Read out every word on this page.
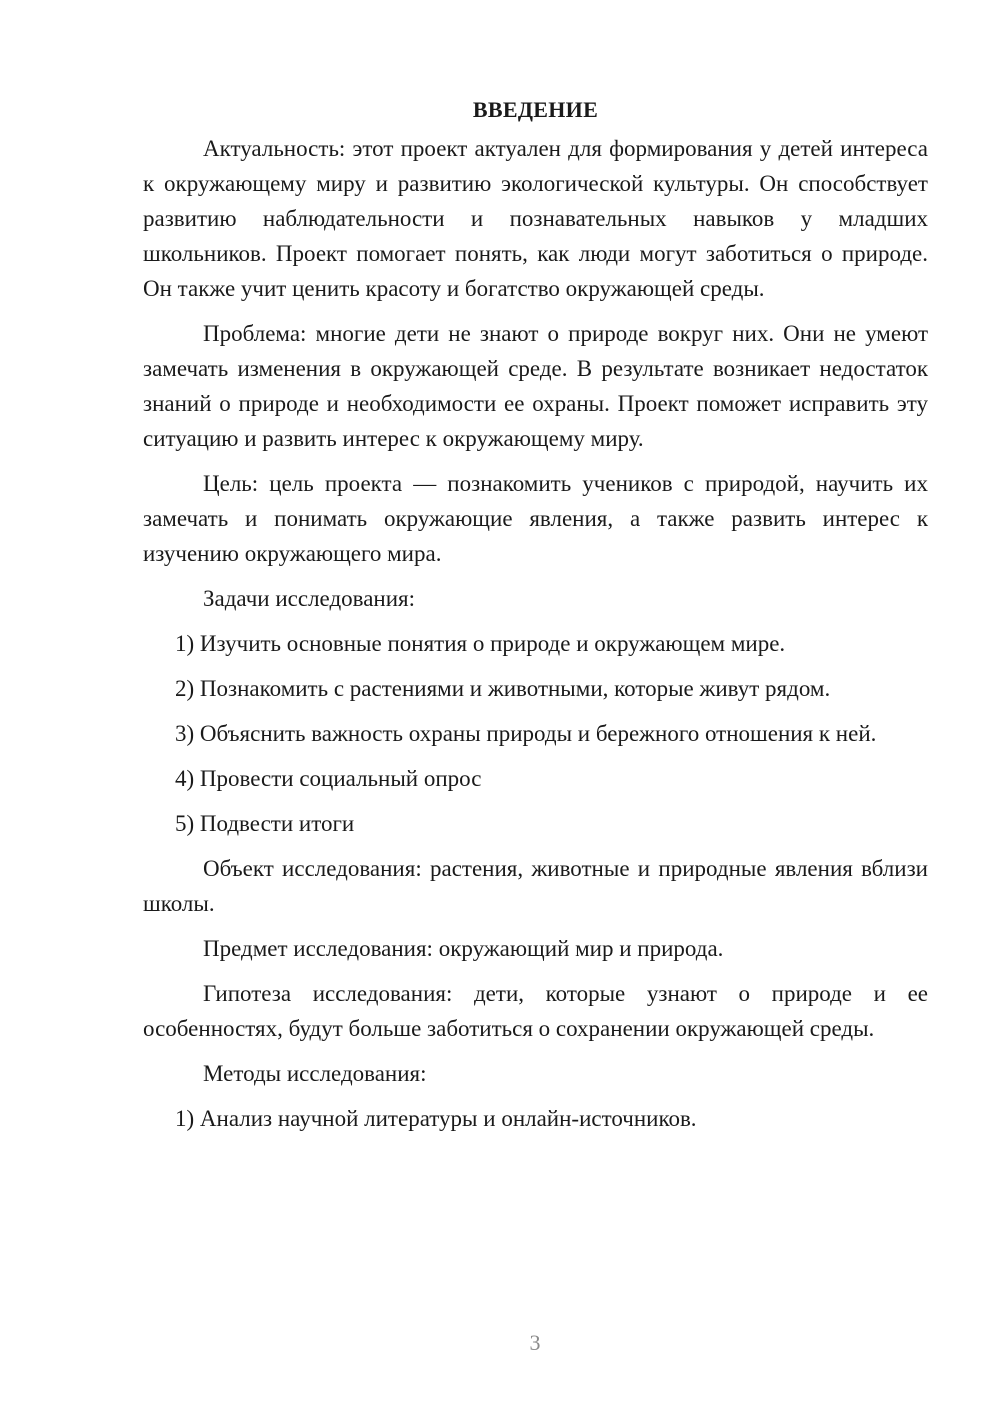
ВВЕДЕНИЕ

Актуальность: этот проект актуален для формирования у детей интереса к окружающему миру и развитию экологической культуры. Он способствует развитию наблюдательности и познавательных навыков у младших школьников. Проект помогает понять, как люди могут заботиться о природе. Он также учит ценить красоту и богатство окружающей среды.

Проблема: многие дети не знают о природе вокруг них. Они не умеют замечать изменения в окружающей среде. В результате возникает недостаток знаний о природе и необходимости ее охраны. Проект поможет исправить эту ситуацию и развить интерес к окружающему миру.

Цель: цель проекта — познакомить учеников с природой, научить их замечать и понимать окружающие явления, а также развить интерес к изучению окружающего мира.

Задачи исследования:

1) Изучить основные понятия о природе и окружающем мире.

2) Познакомить с растениями и животными, которые живут рядом.

3) Объяснить важность охраны природы и бережного отношения к ней.

4) Провести социальный опрос

5) Подвести итоги

Объект исследования: растения, животные и природные явления вблизи школы.

Предмет исследования: окружающий мир и природа.

Гипотеза исследования: дети, которые узнают о природе и ее особенностях, будут больше заботиться о сохранении окружающей среды.

Методы исследования:

1) Анализ научной литературы и онлайн-источников.

3
